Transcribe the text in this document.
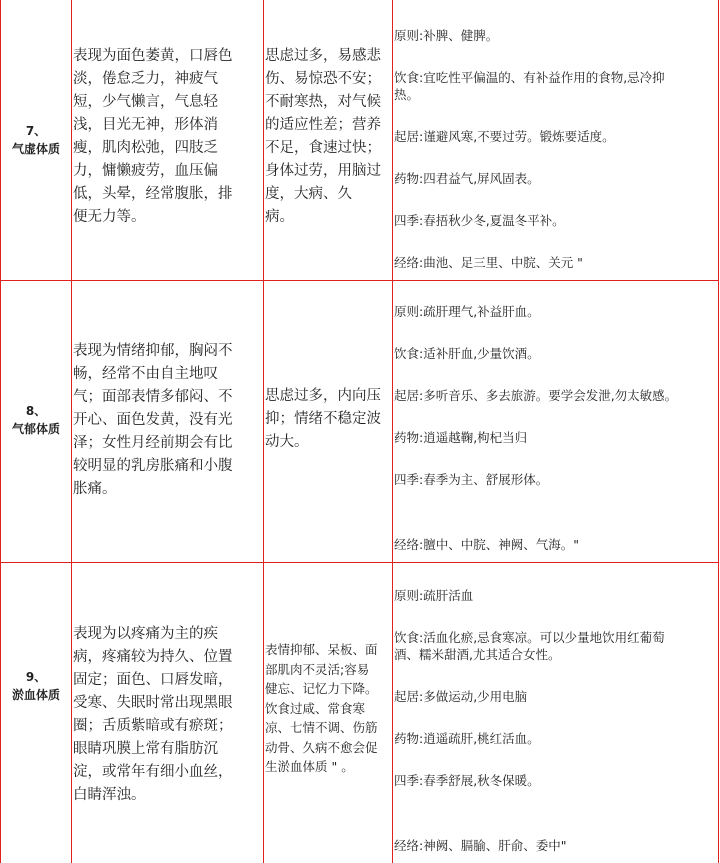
7、
气虚体质
表现为面色萎黄，口唇色
淡，倦怠乏力，神疲气
短，少气懒言，气息轻
浅，目光无神，形体消
瘦，肌肉松弛，四肢乏
力，慵懒疲劳，血压偏
低，头晕，经常腹胀，排
便无力等。
思虑过多，易感悲
伤、易惊恐不安；
不耐寒热，对气候
的适应性差；营养
不足，食速过快；
身体过劳，用脑过
度，大病、久
病。

原则:补脾、健脾。

饮食:宜吃性平偏温的、有补益作用的食物,忌冷抑
热。

起居:谨避风寒,不要过劳。锻炼要适度。

药物:四君益气,屏风固表。

四季:春捂秋少冬,夏温冬平补。

经络:曲池、足三里、中脘、关元 "

8、
气郁体质
表现为情绪抑郁，胸闷不
畅，经常不由自主地叹
气；面部表情多郁闷、不
开心、面色发黄，没有光
泽；女性月经前期会有比
较明显的乳房胀痛和小腹
胀痛。
思虑过多，内向压
抑；情绪不稳定波
动大。

原则:疏肝理气,补益肝血。

饮食:适补肝血,少量饮酒。

起居:多听音乐、多去旅游。要学会发泄,勿太敏感。

药物:逍遥越鞠,枸杞当归

四季:春季为主、舒展形体。

经络:膻中、中脘、神阙、气海。"

9、
淤血体质
表现为以疼痛为主的疾
病，疼痛较为持久、位置
固定；面色、口唇发暗，
受寒、失眠时常出现黑眼
圈；舌质紫暗或有瘀斑；
眼睛巩膜上常有脂肪沉
淀，或常年有细小血丝，
白睛浑浊。
表情抑郁、呆板、面
部肌肉不灵活;容易
健忘、记忆力下降。
饮食过咸、常食寒
凉、七情不调、伤筋
动骨、久病不愈会促
生淤血体质 " 。

原则:疏肝活血

饮食:活血化瘀,忌食寒凉。可以少量地饮用红葡萄
酒、糯米甜酒,尤其适合女性。

起居:多做运动,少用电脑

药物:逍遥疏肝,桃红活血。

四季:春季舒展,秋冬保暖。

经络:神阙、膈腧、肝俞、委中"
